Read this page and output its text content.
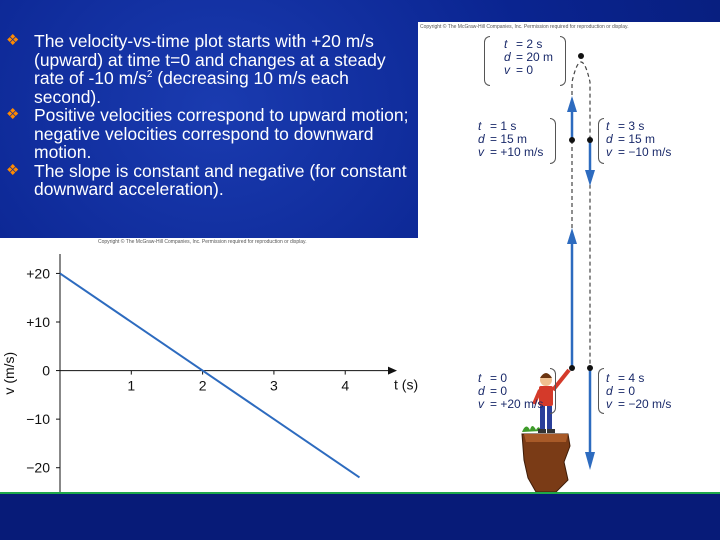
❖ The velocity-vs-time plot starts with +20 m/s (upward) at time t=0 and changes at a steady rate of -10 $m/s^2$ (decreasing 10 m/s each second).
❖ Positive velocities correspond to upward motion; negative velocities correspond to downward motion.
❖ The slope is constant and negative (for constant downward acceleration).
Copyright © The McGraw-Hill Companies, Inc. Permission required for reproduction or display.
+20
+10
0
−10
−20
1	2	3	4	t (s)
v (m/s)
Copyright © The McGraw-Hill Companies, Inc. Permission required for reproduction or display.
t = 2 s
d = 20 m
v = 0
t = 1 s
d = 15 m
v = +10 m/s
t = 3 s
d = 15 m
v = −10 m/s
t = 0
d = 0
v = +20 m/s
t = 4 s
d = 0
v = −20 m/s
